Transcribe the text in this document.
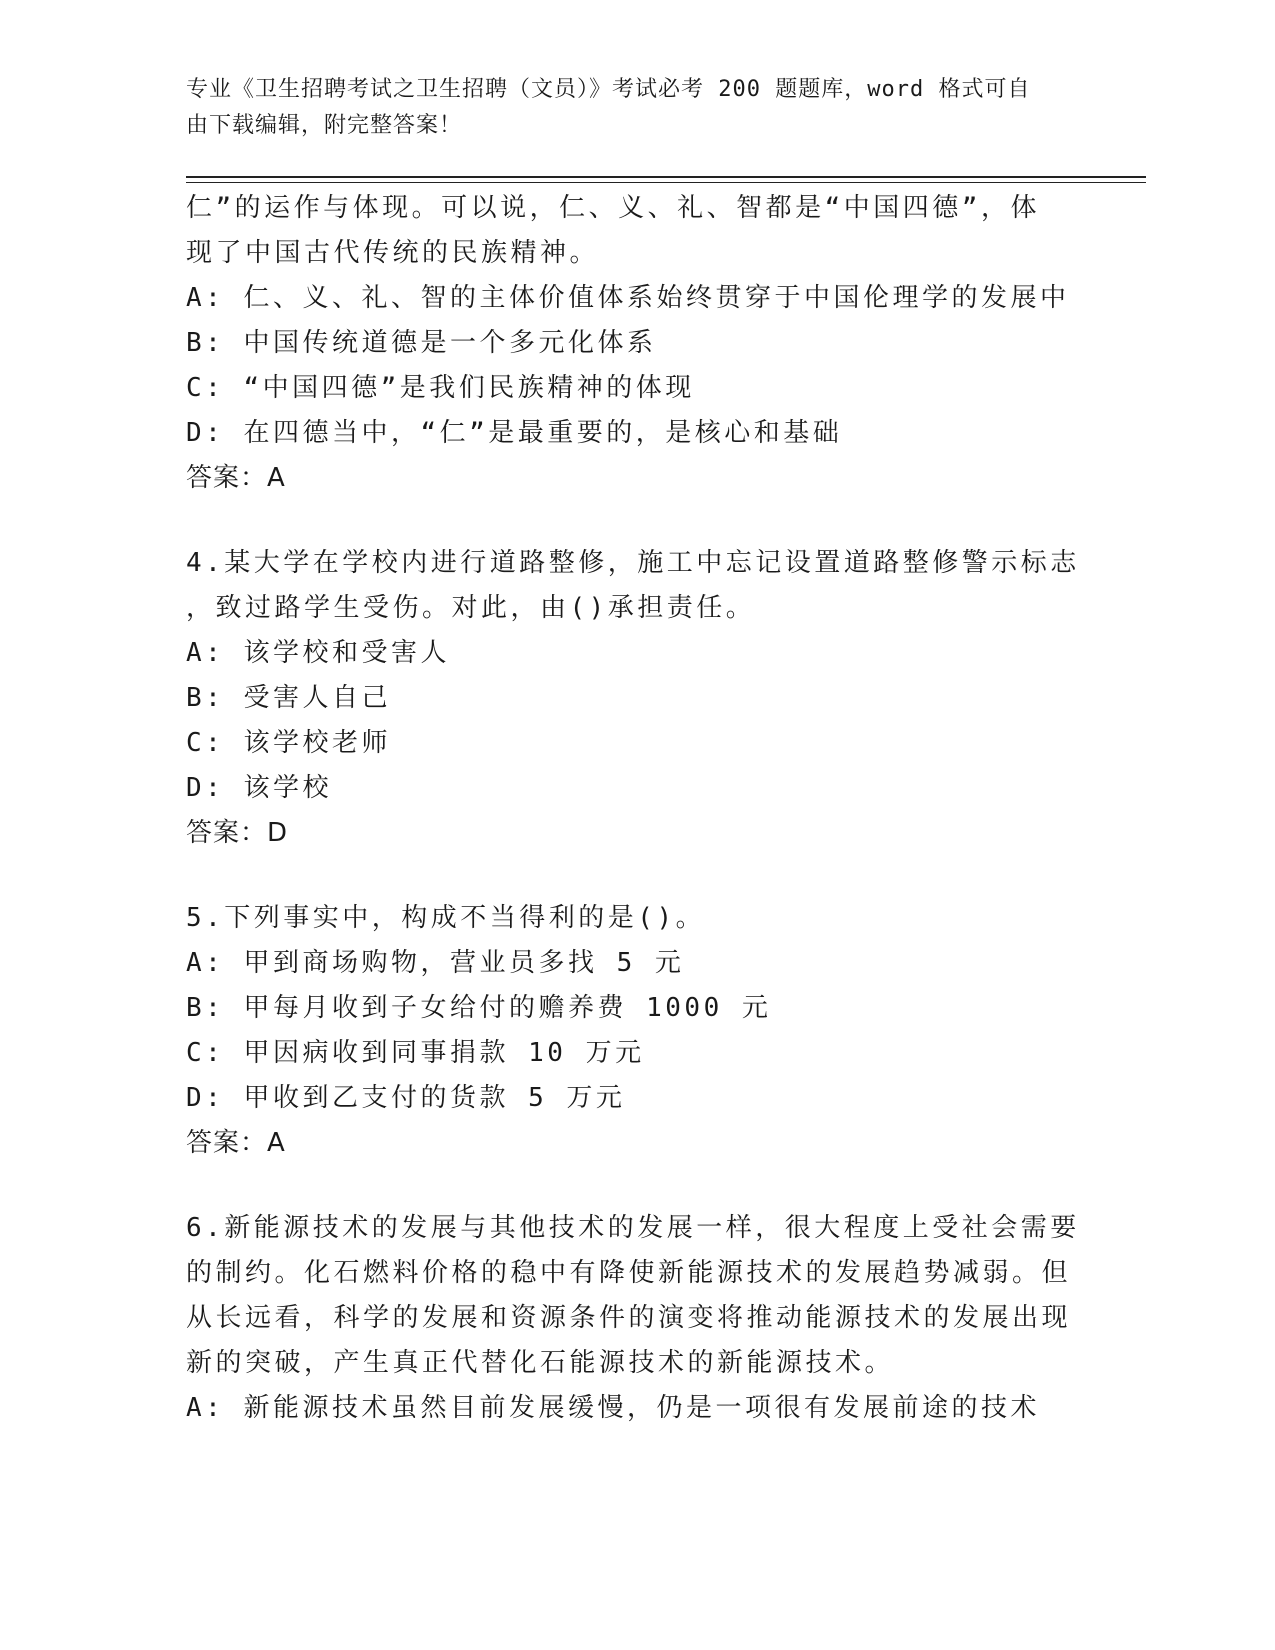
专业《卫生招聘考试之卫生招聘（文员）》考试必考 200 题题库，word 格式可自
由下载编辑，附完整答案！
仁”的运作与体现。可以说，仁、义、礼、智都是“中国四德”，体
现了中国古代传统的民族精神。
A: 仁、义、礼、智的主体价值体系始终贯穿于中国伦理学的发展中
B: 中国传统道德是一个多元化体系
C: “中国四德”是我们民族精神的体现
D: 在四德当中，“仁”是最重要的，是核心和基础
答案：A
4.某大学在学校内进行道路整修，施工中忘记设置道路整修警示标志
，致过路学生受伤。对此，由()承担责任。
A: 该学校和受害人
B: 受害人自己
C: 该学校老师
D: 该学校
答案：D
5.下列事实中，构成不当得利的是()。
A: 甲到商场购物，营业员多找 5 元
B: 甲每月收到子女给付的赡养费 1000 元
C: 甲因病收到同事捐款 10 万元
D: 甲收到乙支付的货款 5 万元
答案：A
6.新能源技术的发展与其他技术的发展一样，很大程度上受社会需要
的制约。化石燃料价格的稳中有降使新能源技术的发展趋势减弱。但
从长远看，科学的发展和资源条件的演变将推动能源技术的发展出现
新的突破，产生真正代替化石能源技术的新能源技术。
A: 新能源技术虽然目前发展缓慢，仍是一项很有发展前途的技术
